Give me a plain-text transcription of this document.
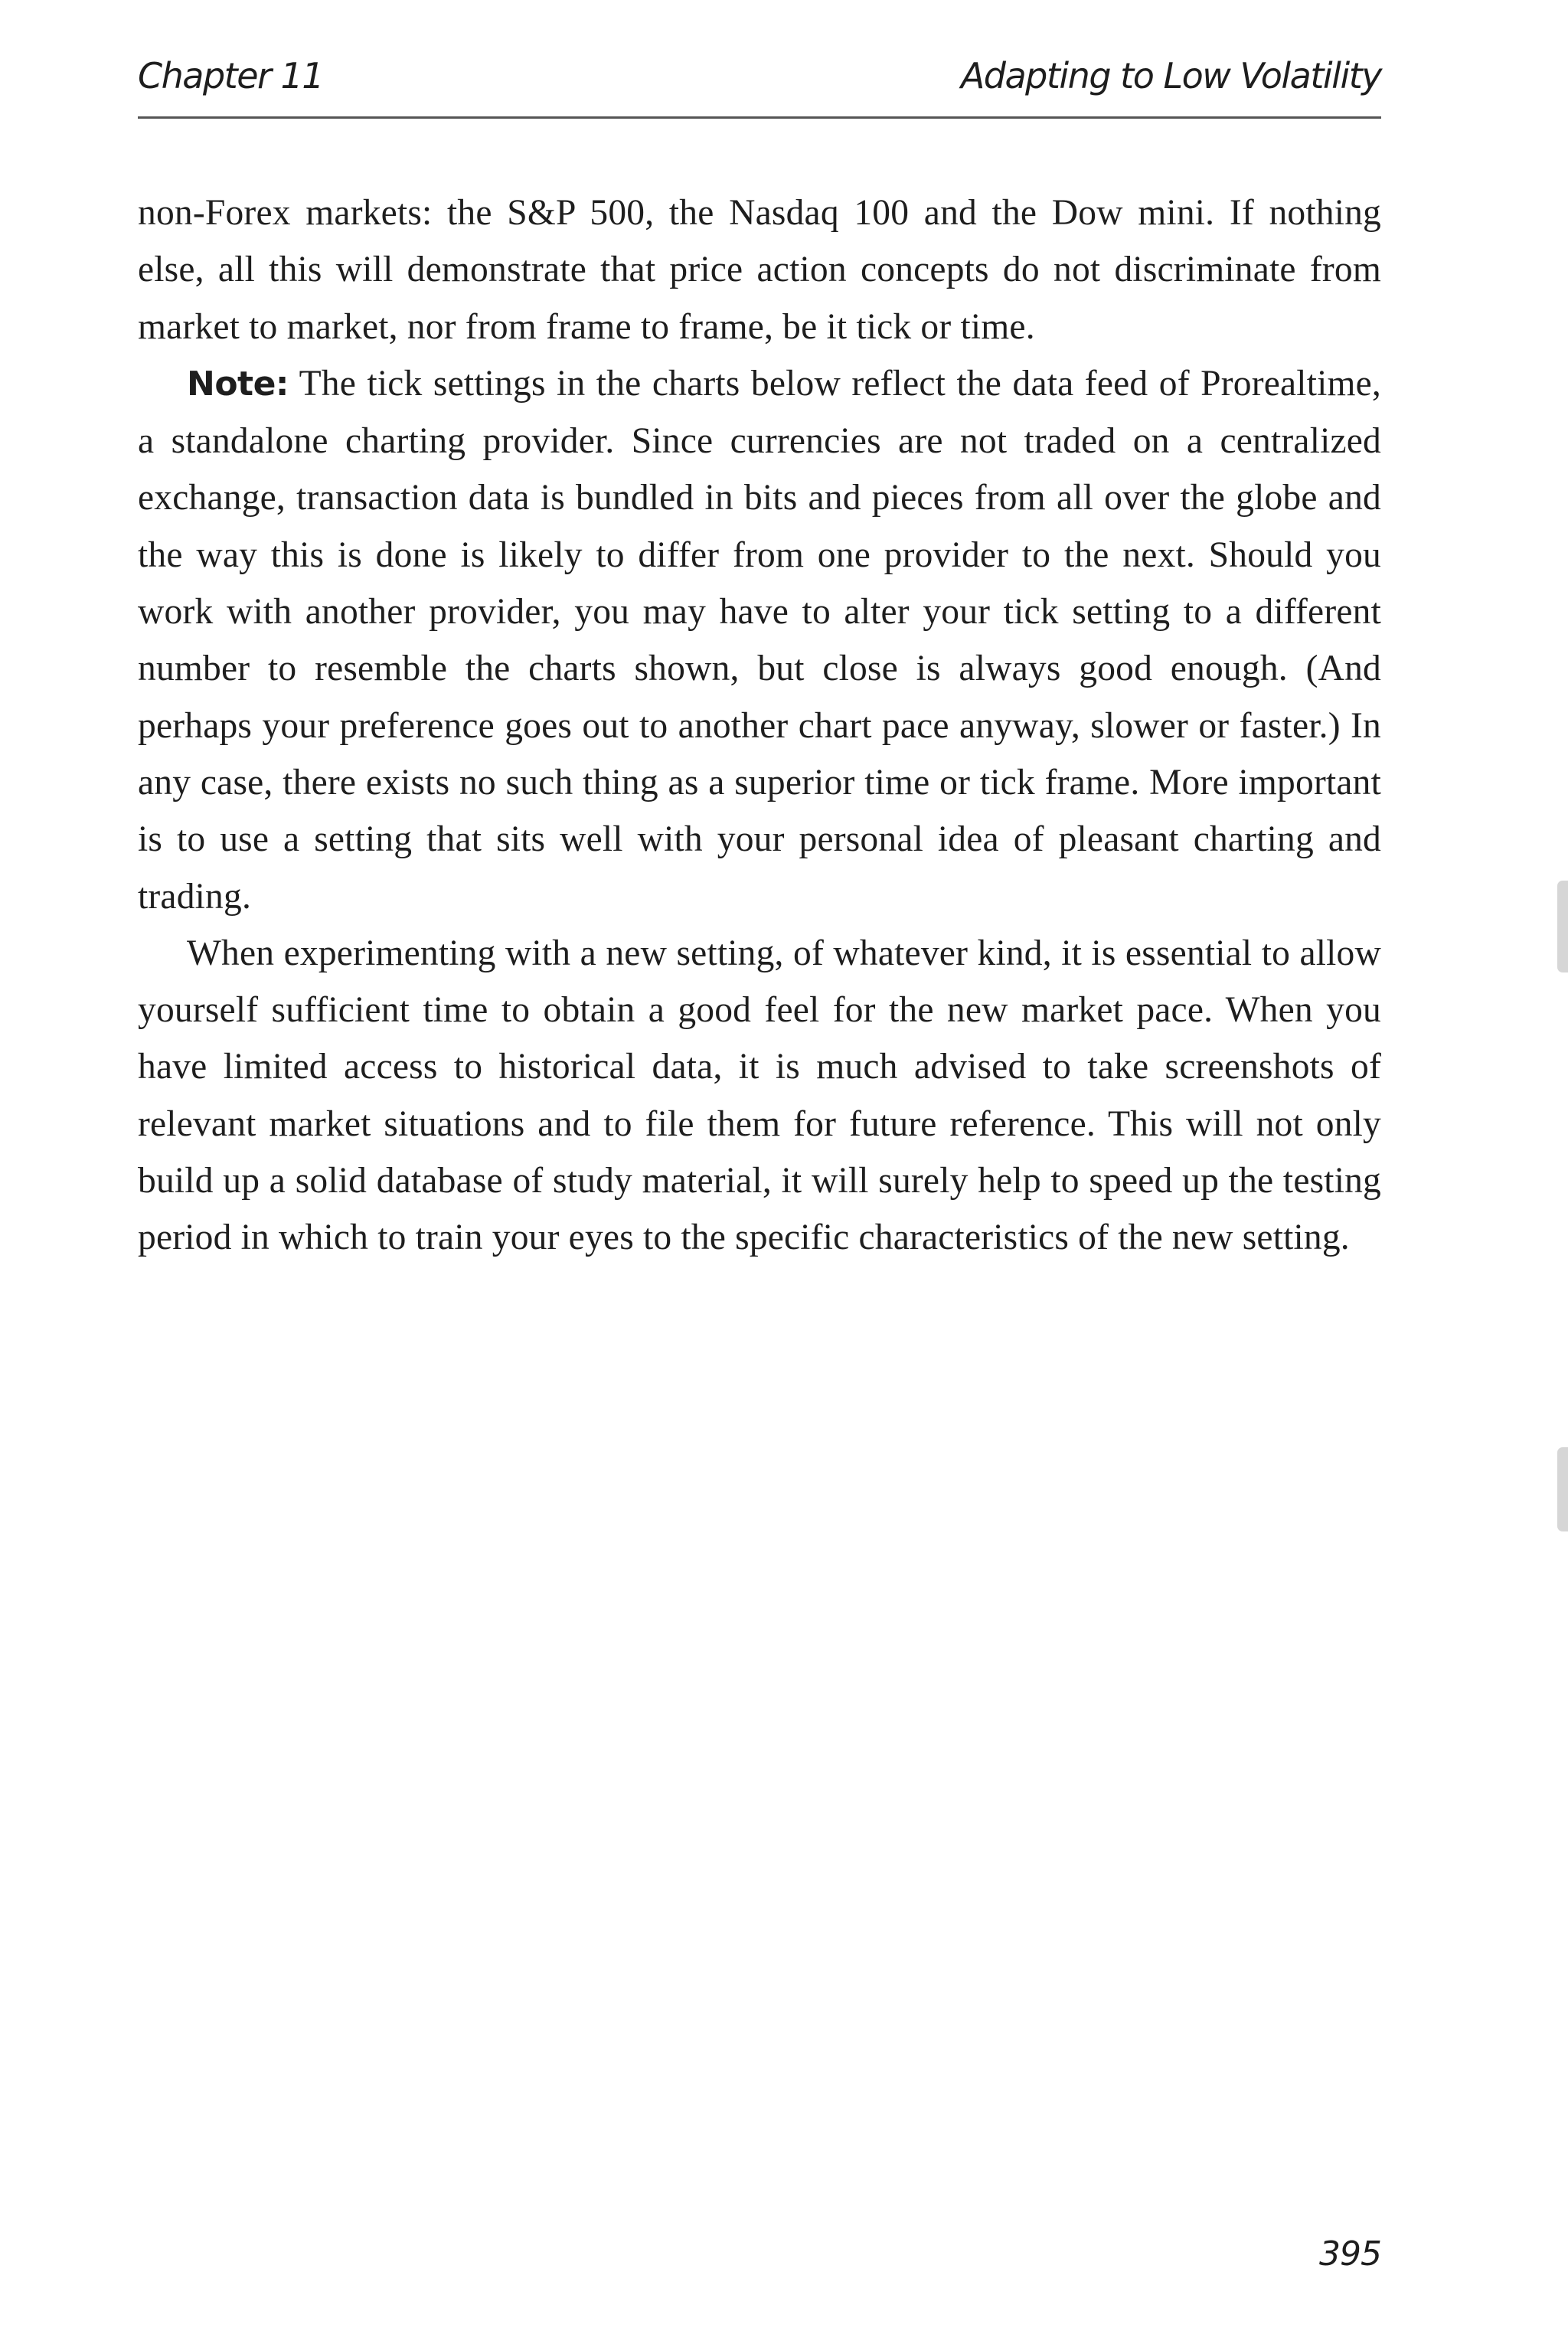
Chapter 11	Adapting to Low Volatility

non-Forex markets: the S&P 500, the Nasdaq 100 and the Dow mini. If nothing else, all this will demonstrate that price action concepts do not discriminate from market to market, nor from frame to frame, be it tick or time.

Note: The tick settings in the charts below reflect the data feed of Prorealtime, a standalone charting provider. Since currencies are not traded on a centralized exchange, transaction data is bundled in bits and pieces from all over the globe and the way this is done is likely to differ from one provider to the next. Should you work with another provider, you may have to alter your tick setting to a different number to resemble the charts shown, but close is always good enough. (And perhaps your preference goes out to another chart pace anyway, slower or faster.) In any case, there exists no such thing as a superior time or tick frame. More important is to use a setting that sits well with your personal idea of pleasant charting and trading.

When experimenting with a new setting, of whatever kind, it is essential to allow yourself sufficient time to obtain a good feel for the new market pace. When you have limited access to historical data, it is much advised to take screenshots of relevant market situations and to file them for future reference. This will not only build up a solid database of study material, it will surely help to speed up the testing period in which to train your eyes to the specific characteristics of the new setting.

395
